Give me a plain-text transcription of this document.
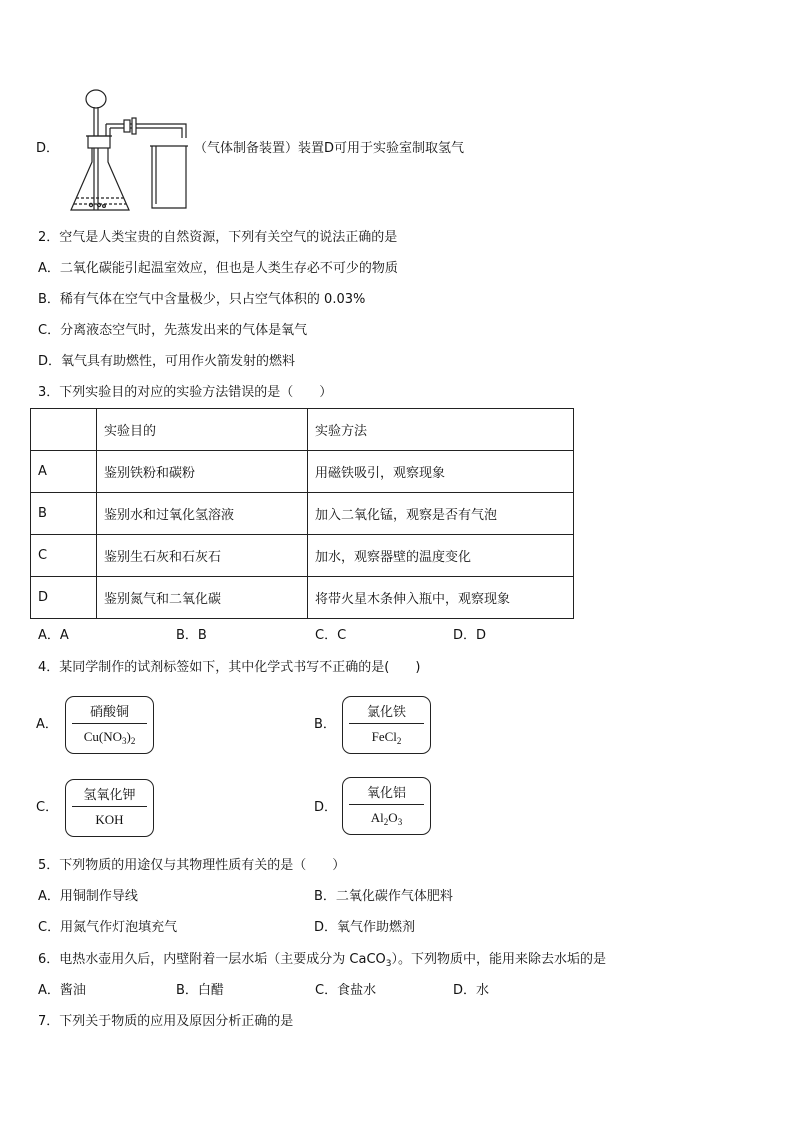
D．	（气体制备装置）装置D可用于实验室制取氢气
2．空气是人类宝贵的自然资源，下列有关空气的说法正确的是
A．二氧化碳能引起温室效应，但也是人类生存必不可少的物质
B．稀有气体在空气中含量极少，只占空气体积的 0.03%
C．分离液态空气时，先蒸发出来的气体是氧气
D．氧气具有助燃性，可用作火箭发射的燃料
3．下列实验目的对应的实验方法错误的是（　　）
	实验目的	实验方法
A	鉴别铁粉和碳粉	用磁铁吸引，观察现象
B	鉴别水和过氧化氢溶液	加入二氧化锰，观察是否有气泡
C	鉴别生石灰和石灰石	加水，观察器壁的温度变化
D	鉴别氮气和二氧化碳	将带火星木条伸入瓶中，观察现象
A．A	B．B	C．C	D．D
4．某同学制作的试剂标签如下，其中化学式书写不正确的是(　　)
A．
硝酸铜
$Cu(NO_3)_2$
B．
氯化铁
FeCl$_2$
C．
氢氧化钾
KOH
D．
氧化铝
$Al_2O_3$
5．下列物质的用途仅与其物理性质有关的是（　　）
A．用铜制作导线	B．二氧化碳作气体肥料
C．用氮气作灯泡填充气	D．氧气作助燃剂
6．电热水壶用久后，内壁附着一层水垢（主要成分为 CaCO$_3$）。下列物质中，能用来除去水垢的是
A．酱油	B．白醋	C．食盐水	D．水
7．下列关于物质的应用及原因分析正确的是
